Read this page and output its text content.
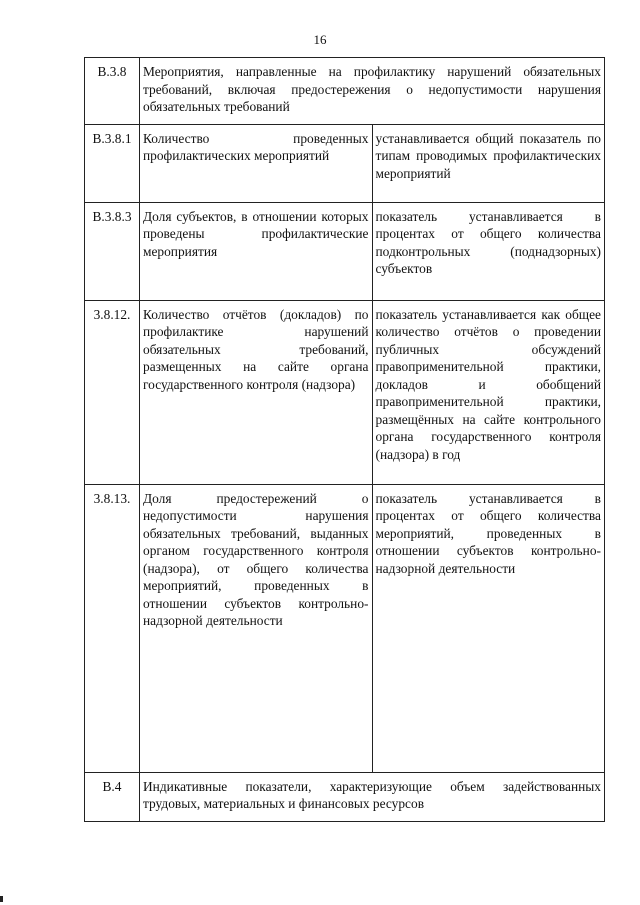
16
В.3.8	Мероприятия, направленные на профилактику нарушений обязательных требований, включая предостережения о недопустимости нарушения обязательных требований	
В.3.8.1	Количество проведенных профилактических мероприятий	устанавливается общий показатель по типам проводимых профилактических мероприятий
В.3.8.3	Доля субъектов, в отношении которых проведены профилактические мероприятия	показатель устанавливается в процентах от общего количества подконтрольных (поднадзорных) субъектов
3.8.12.	Количество отчётов (докладов) по профилактике нарушений обязательных требований, размещенных на сайте органа государственного контроля (надзора)	показатель устанавливается как общее количество отчётов о проведении публичных обсуждений правоприменительной практики, докладов и обобщений правоприменительной практики, размещённых на сайте контрольного органа государственного контроля (надзора) в год
3.8.13.	Доля предостережений о недопустимости нарушения обязательных требований, выданных органом государственного контроля (надзора), от общего количества мероприятий, проведенных в отношении субъектов контрольно-надзорной деятельности	показатель устанавливается в процентах от общего количества мероприятий, проведенных в отношении субъектов контрольно-надзорной деятельности
В.4	Индикативные показатели, характеризующие объем задействованных трудовых, материальных и финансовых ресурсов	
